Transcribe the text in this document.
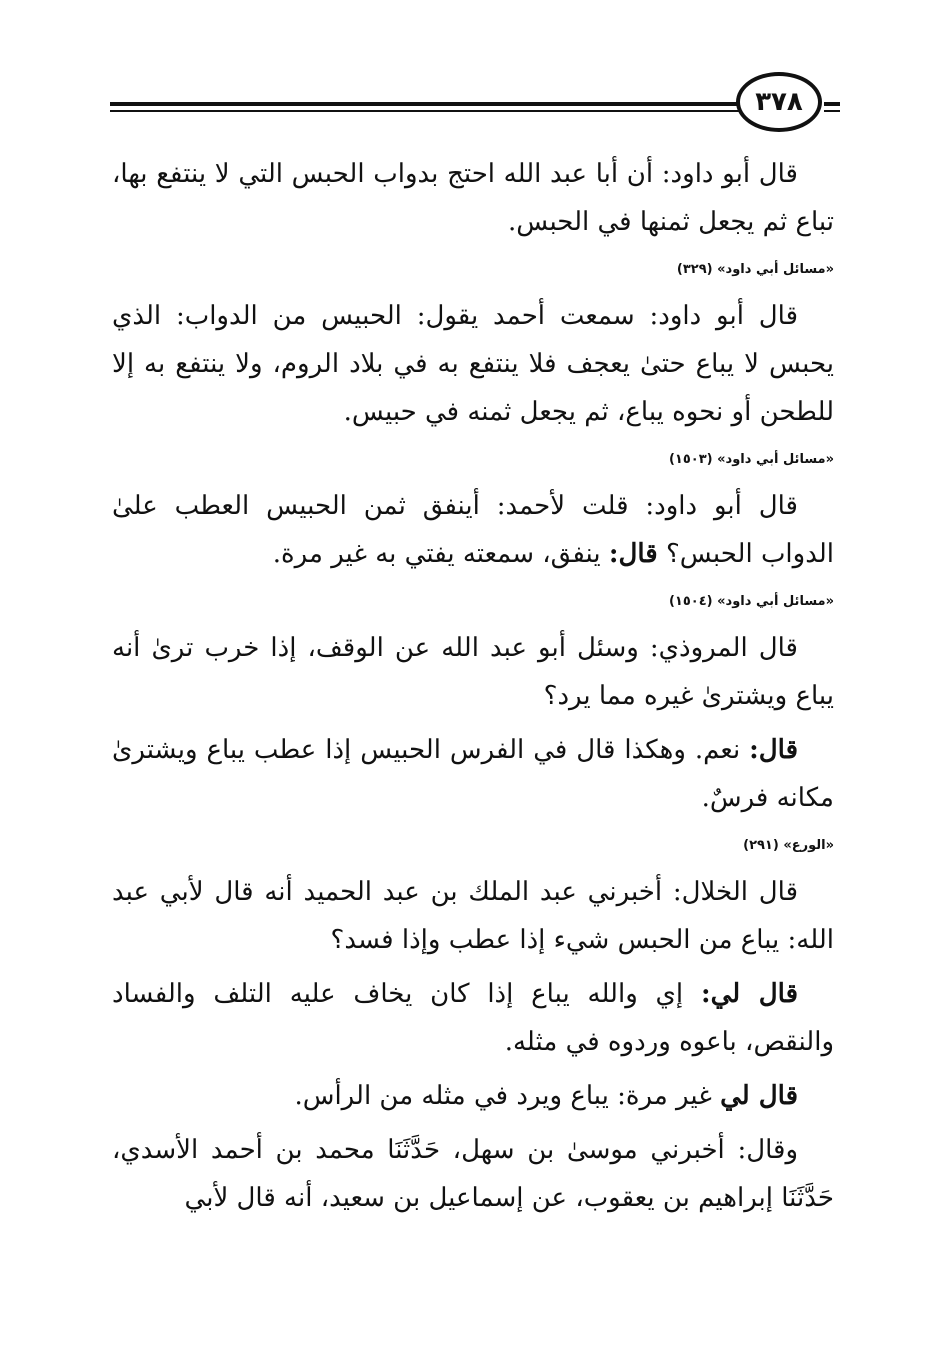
٣٧٨

قال أبو داود: أن أبا عبد الله احتج بدواب الحبس التي لا ينتفع بها، تباع ثم يجعل ثمنها في الحبس.

«مسائل أبي داود» (٣٢٩)

قال أبو داود: سمعت أحمد يقول: الحبيس من الدواب: الذي يحبس لا يباع حتىٰ يعجف فلا ينتفع به في بلاد الروم، ولا ينتفع به إلا للطحن أو نحوه يباع، ثم يجعل ثمنه في حبيس.

«مسائل أبي داود» (١٥٠٣)

قال أبو داود: قلت لأحمد: أينفق ثمن الحبيس العطب علىٰ الدواب الحبس؟ قال: ينفق، سمعته يفتي به غير مرة.

«مسائل أبي داود» (١٥٠٤)

قال المروذي: وسئل أبو عبد الله عن الوقف، إذا خرب ترىٰ أنه يباع ويشترىٰ غيره مما يرد؟

قال: نعم. وهكذا قال في الفرس الحبيس إذا عطب يباع ويشترىٰ مكانه فرسٌ.

«الورع» (٢٩١)

قال الخلال: أخبرني عبد الملك بن عبد الحميد أنه قال لأبي عبد الله: يباع من الحبس شيء إذا عطب وإذا فسد؟

قال لي: إي والله يباع إذا كان يخاف عليه التلف والفساد والنقص، باعوه وردوه في مثله.

قال لي غير مرة: يباع ويرد في مثله من الرأس.

وقال: أخبرني موسىٰ بن سهل، حَدَّثَنَا محمد بن أحمد الأسدي، حَدَّثَنَا إبراهيم بن يعقوب، عن إسماعيل بن سعيد، أنه قال لأبي
